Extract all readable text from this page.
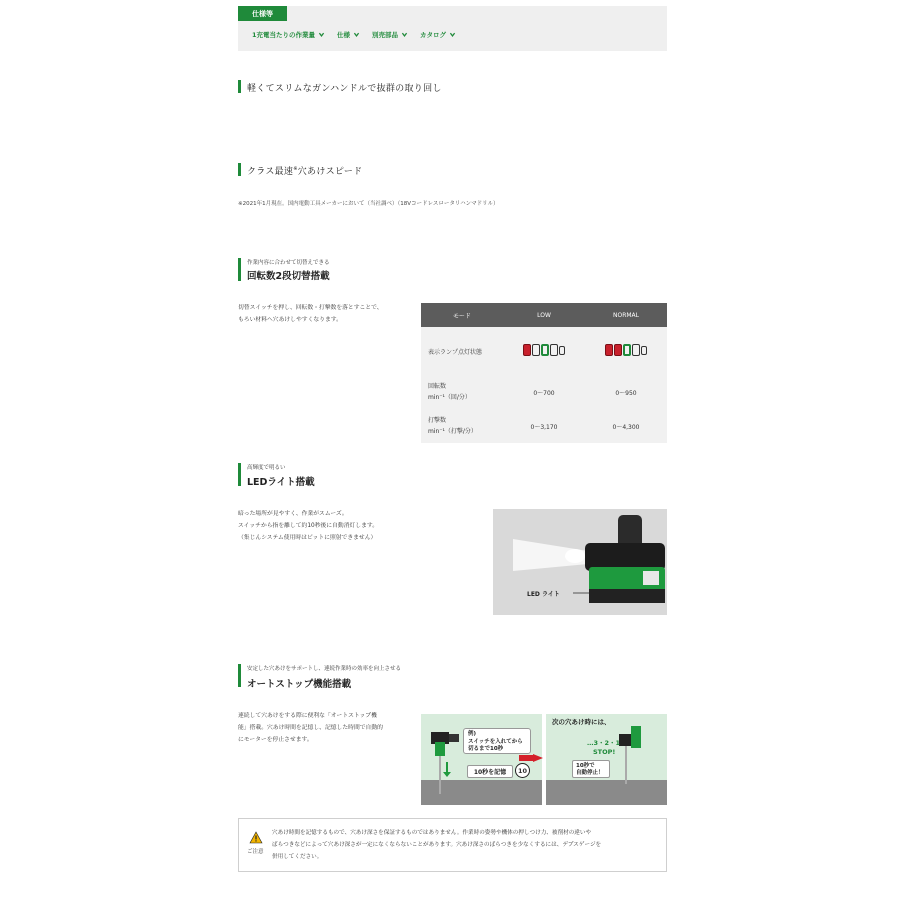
仕様等
1充電当たりの作業量	仕様	別売部品	カタログ
軽くてスリムなガンハンドルで抜群の取り回し
クラス最速※穴あけスピード
※2021年1月現在。国内電動工具メーカーにおいて（当社調べ）（18Vコードレスロータリハンマドリル）
作業内容に合わせて切替えできる
回転数2段切替搭載
切替スイッチを押し、回転数・打撃数を落とすことで、
もろい材料へ穴あけしやすくなります。
モード	LOW	NORMAL
表示ランプ点灯状態
回転数
min⁻¹（回/分）
0～700	0～950
打撃数
min⁻¹（打撃/分）
0～3,170	0～4,300
高輝度で明るい
LEDライト搭載
暗った場所が見やすく、作業がスムーズ。
スイッチから指を離して約10秒後に自動消灯します。
（集じんシステム使用時はビットに照射できません）
LED ライト
安定した穴あけをサポートし、連続作業時の効率を向上させる
オートストップ機能搭載
連続して穴あけをする際に便利な「オートストップ機
能」搭載。穴あけ時間を記憶し、記憶した時間で自動的
にモーターを停止させます。
例)
スイッチを入れてから
切るまで10秒
10秒を記憶	10
次の穴あけ時には、
…3・2・1
STOP!
10秒で
自動停止！
ご注意
穴あけ時間を記憶するもので、穴あけ深さを保証するものではありません。作業時の姿勢や機体の押しつけ力、被削材の違いや
ばらつきなどによって穴あけ深さが一定になくならないことがあります。穴あけ深さのばらつきを少なくするには、デプスゲージを
併用してください。
